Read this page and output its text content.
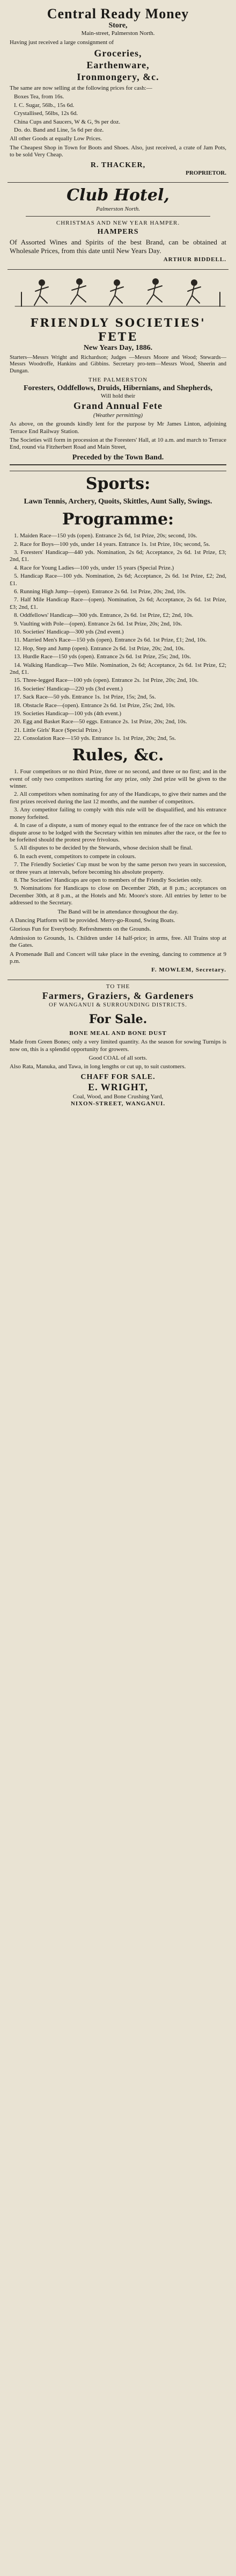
Central Ready Money
Store,
Main-street, Palmerston North.

Having just received a large consignment of

Groceries,
Earthenware,
Ironmongery, &c.

The same are now selling at the following prices for cash:—

Boxes Tea, from 16s.
I. C. Sugar, 56lb., 15s 6d.
Crystallised, 56lbs, 12s 6d.
China Cups and Saucers, W & G, 9s per doz.
Do. do. Band and Line, 5s 6d per doz.

All other Goods at equally Low Prices.

The Cheapest Shop in Town for Boots and Shoes. Also, just received, a crate of Jam Pots, to be sold Very Cheap.

R. THACKER,
PROPRIETOR.
Club Hotel,
Palmerston North.
CHRISTMAS AND NEW YEAR HAMPER.
HAMPERS

Of Assorted Wines and Spirits of the best Brand, can be obtained at Wholesale Prices, from this date until New Years Day.

ARTHUR BIDDELL.
FRIENDLY SOCIETIES' FETE
New Years Day, 1886.

Starters—Messrs Wright and Richardson; Judges —Messrs Moore and Wood; Stewards—Messrs Woodroffe, Hankins and Gibbins. Secretary pro-tem—Messrs Wood, Sheerin and Dungan.

THE PALMERSTON
Foresters, Oddfellows, Druids, Hibernians, and Shepherds,
Will hold their
Grand Annual Fete
(Weather permitting)

As above, on the grounds kindly lent for the purpose by Mr James Linton, adjoining Terrace End Railway Station.

The Societies will form in procession at the Foresters' Hall, at 10 a.m. and march to Terrace End, round via Fitzherbert Road and Main Street,

Preceded by the Town Band.
Sports:
Lawn Tennis, Archery, Quoits, Skittles, Aunt Sally, Swings.
Programme:
1. Maiden Race—150 yds (open). Entrance 2s 6d, 1st Prize, 20s; second, 10s.
2. Race for Boys—100 yds, under 14 years. Entrance 1s. 1st Prize, 10s; second, 5s.
3. Foresters' Handicap—440 yds. Nomination, 2s 6d; Acceptance, 2s 6d. 1st Prize, £3; 2nd, £1.
4. Race for Young Ladies—100 yds, under 15 years (Special Prize.)
5. Handicap Race—100 yds. Nomination, 2s 6d; Acceptance, 2s 6d. 1st Prize, £2; 2nd, £1.
6. Running High Jump—(open). Entrance 2s 6d. 1st Prize, 20s; 2nd, 10s.
7. Half Mile Handicap Race—(open). Nomination, 2s 6d; Acceptance, 2s 6d. 1st Prize, £3; 2nd, £1.
8. Oddfellows' Handicap—300 yds. Entrance, 2s 6d. 1st Prize, £2; 2nd, 10s.
9. Vaulting with Pole—(open). Entrance 2s 6d. 1st Prize, 20s; 2nd, 10s.
10. Societies' Handicap—300 yds (2nd event.)
11. Married Men's Race—150 yds (open). Entrance 2s 6d. 1st Prize, £1; 2nd, 10s.
12. Hop, Step and Jump (open). Entrance 2s 6d. 1st Prize, 20s; 2nd, 10s.
13. Hurdle Race—150 yds (open). Entrance 2s 6d. 1st Prize, 25s; 2nd, 10s.
14. Walking Handicap—Two Mile. Nomination, 2s 6d; Acceptance, 2s 6d. 1st Prize, £2; 2nd, £1.
15. Three-legged Race—100 yds (open). Entrance 2s. 1st Prize, 20s; 2nd, 10s.
16. Societies' Handicap—220 yds (3rd event.)
17. Sack Race—50 yds. Entrance 1s. 1st Prize, 15s; 2nd, 5s.
18. Obstacle Race—(open). Entrance 2s 6d. 1st Prize, 25s; 2nd, 10s.
19. Societies Handicap—100 yds (4th event.)
20. Egg and Basket Race—50 eggs. Entrance 2s. 1st Prize, 20s; 2nd, 10s.
21. Little Girls' Race (Special Prize.)
22. Consolation Race—150 yds. Entrance 1s. 1st Prize, 20s; 2nd, 5s.
Rules, &c.
1. Four competitors or no third Prize, three or no second, and three or no first; and in the event of only two competitors starting for any prize, only 2nd prize will be given to the winner.
2. All competitors when nominating for any of the Handicaps, to give their names and the first prizes received during the last 12 months, and the number of competitors.
3. Any competitor failing to comply with this rule will be disqualified, and his entrance money forfeited.
4. In case of a dispute, a sum of money equal to the entrance fee of the race on which the dispute arose to be lodged with the Secretary within ten minutes after the race, or the fee to be forfeited should the protest prove frivolous.
5. All disputes to be decided by the Stewards, whose decision shall be final.
6. In each event, competitors to compete in colours.
7. The Friendly Societies' Cup must be won by the same person two years in succession, or three years at intervals, before becoming his absolute property.
8. The Societies' Handicaps are open to members of the Friendly Societies only.
9. Nominations for Handicaps to close on December 26th, at 8 p.m.; acceptances on December 30th, at 8 p.m., at the Hotels and Mr. Moore's store. All entries by letter to be addressed to the Secretary.

The Band will be in attendance throughout the day.

A Dancing Platform will be provided. Merry-go-Round, Swing Boats.

Glorious Fun for Everybody. Refreshments on the Grounds.

Admission to Grounds, 1s. Children under 14 half-price; in arms, free. All Trains stop at the Gates.

A Promenade Ball and Concert will take place in the evening, dancing to commence at 9 p.m.

F. MOWLEM, Secretary.
TO THE
Farmers, Graziers, & Gardeners
OF WANGANUI & SURROUNDING DISTRICTS.
For Sale.
BONE MEAL AND BONE DUST

Made from Green Bones; only a very limited quantity. As the season for sowing Turnips is now on, this is a splendid opportunity for growers.

Good COAL of all sorts.

Also Rata, Manuka, and Tawa, in long lengths or cut up, to suit customers.

CHAFF FOR SALE.
E. WRIGHT,
Coal, Wood, and Bone Crushing Yard,
NIXON-STREET, WANGANUI.
